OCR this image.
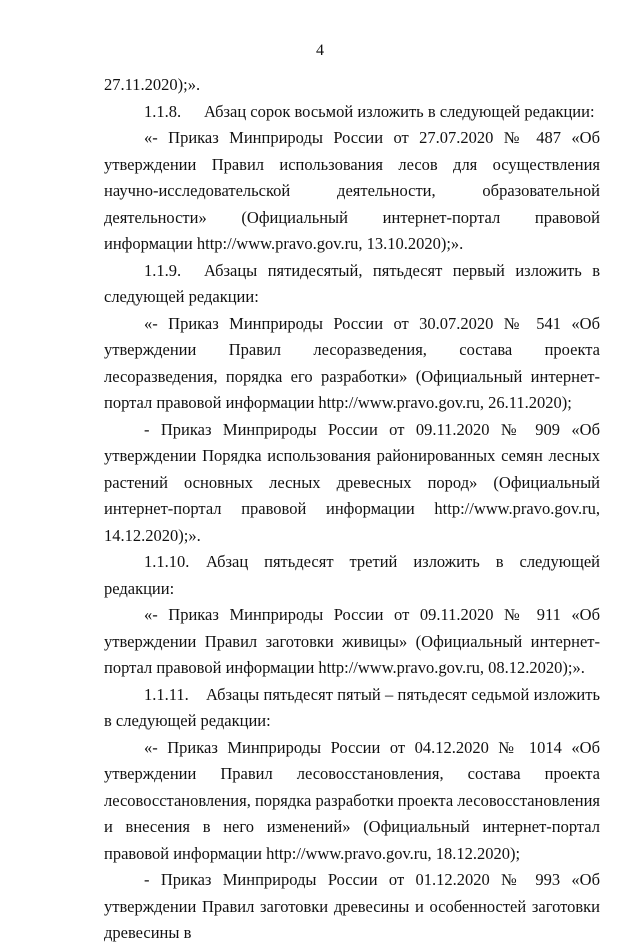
4

27.11.2020);».

1.1.8. Абзац сорок восьмой изложить в следующей редакции:

«- Приказ Минприроды России от 27.07.2020 № 487 «Об утверждении Правил использования лесов для осуществления научно-исследовательской деятельности, образовательной деятельности» (Официальный интернет-портал правовой информации http://www.pravo.gov.ru, 13.10.2020);».

1.1.9. Абзацы пятидесятый, пятьдесят первый изложить в следующей редакции:

«- Приказ Минприроды России от 30.07.2020 № 541 «Об утверждении Правил лесоразведения, состава проекта лесоразведения, порядка его разработки» (Официальный интернет-портал правовой информации http://www.pravo.gov.ru, 26.11.2020);

- Приказ Минприроды России от 09.11.2020 № 909 «Об утверждении Порядка использования районированных семян лесных растений основных лесных древесных пород» (Официальный интернет-портал правовой информации http://www.pravo.gov.ru, 14.12.2020);».

1.1.10. Абзац пятьдесят третий изложить в следующей редакции:

«- Приказ Минприроды России от 09.11.2020 № 911 «Об утверждении Правил заготовки живицы» (Официальный интернет-портал правовой информации http://www.pravo.gov.ru, 08.12.2020);».

1.1.11. Абзацы пятьдесят пятый – пятьдесят седьмой изложить в следующей редакции:

«- Приказ Минприроды России от 04.12.2020 № 1014 «Об утверждении Правил лесовосстановления, состава проекта лесовосстановления, порядка разработки проекта лесовосстановления и внесения в него изменений» (Официальный интернет-портал правовой информации http://www.pravo.gov.ru, 18.12.2020);

- Приказ Минприроды России от 01.12.2020 № 993 «Об утверждении Правил заготовки древесины и особенностей заготовки древесины в
